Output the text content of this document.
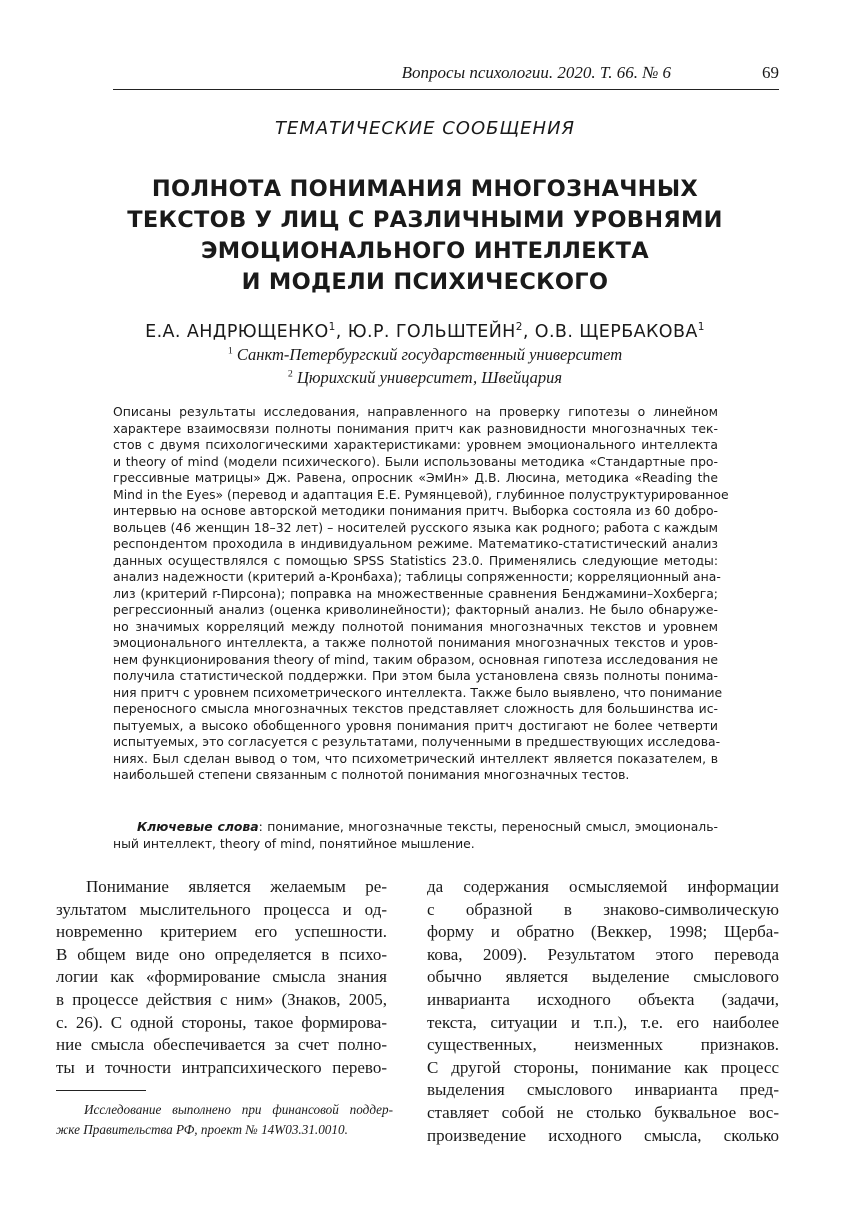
Вопросы психологии. 2020. Т. 66. № 6	69
ТЕМАТИЧЕСКИЕ СООБЩЕНИЯ
ПОЛНОТА ПОНИМАНИЯ МНОГОЗНАЧНЫХ
ТЕКСТОВ У ЛИЦ С РАЗЛИЧНЫМИ УРОВНЯМИ
ЭМОЦИОНАЛЬНОГО ИНТЕЛЛЕКТА
И МОДЕЛИ ПСИХИЧЕСКОГО
Е.А. АНДРЮЩЕНКО$^1$, Ю.Р. ГОЛЬШТЕЙН$^2$, О.В. ЩЕРБАКОВА$^1$
$^1$ Санкт-Петербургский государственный университет
$^2$ Цюрихский университет, Швейцария
Описаны результаты исследования, направленного на проверку гипотезы о линейном
характере взаимосвязи полноты понимания притч как разновидности многозначных тек-
стов с двумя психологическими характеристиками: уровнем эмоционального интеллекта
и theory of mind (модели психического). Были использованы методика «Стандартные про-
грессивные матрицы» Дж. Равена, опросник «ЭмИн» Д.В. Люсина, методика «Reading the
Mind in the Eyes» (перевод и адаптация Е.Е. Румянцевой), глубинное полуструктурированное
интервью на основе авторской методики понимания притч. Выборка состояла из 60 добро-
вольцев (46 женщин 18–32 лет) – носителей русского языка как родного; работа с каждым
респондентом проходила в индивидуальном режиме. Математико-статистический анализ
данных осуществлялся с помощью SPSS Statistics 23.0. Применялись следующие методы:
анализ надежности (критерий а-Кронбаха); таблицы сопряженности; корреляционный ана-
лиз (критерий r-Пирсона); поправка на множественные сравнения Бенджамини–Хохберга;
регрессионный анализ (оценка криволинейности); факторный анализ. Не было обнаруже-
но значимых корреляций между полнотой понимания многозначных текстов и уровнем
эмоционального интеллекта, а также полнотой понимания многозначных текстов и уров-
нем функционирования theory of mind, таким образом, основная гипотеза исследования не
получила статистической поддержки. При этом была установлена связь полноты понима-
ния притч с уровнем психометрического интеллекта. Также было выявлено, что понимание
переносного смысла многозначных текстов представляет сложность для большинства ис-
пытуемых, а высоко обобщенного уровня понимания притч достигают не более четверти
испытуемых, это согласуется с результатами, полученными в предшествующих исследова-
ниях. Был сделан вывод о том, что психометрический интеллект является показателем, в
наибольшей степени связанным с полнотой понимания многозначных тестов.
Ключевые слова: понимание, многозначные тексты, переносный смысл, эмоциональ-
ный интеллект, theory of mind, понятийное мышление.
Понимание является желаемым ре-
зультатом мыслительного процесса и од-
новременно критерием его успешности.
В общем виде оно определяется в психо-
логии как «формирование смысла знания
в процессе действия с ним» (Знаков, 2005,
с. 26). С одной стороны, такое формирова-
ние смысла обеспечивается за счет полно-
ты и точности интрапсихического перево-
Исследование выполнено при финансовой поддер-
жке Правительства РФ, проект № 14W03.31.0010.
да содержания осмысляемой информации
с образной в знаково-символическую
форму и обратно (Веккер, 1998; Щерба-
кова, 2009). Результатом этого перевода
обычно является выделение смыслового
инварианта исходного объекта (задачи,
текста, ситуации и т.п.), т.е. его наиболее
существенных, неизменных признаков.
С другой стороны, понимание как процесс
выделения смыслового инварианта пред-
ставляет собой не столько буквальное вос-
произведение исходного смысла, сколько
